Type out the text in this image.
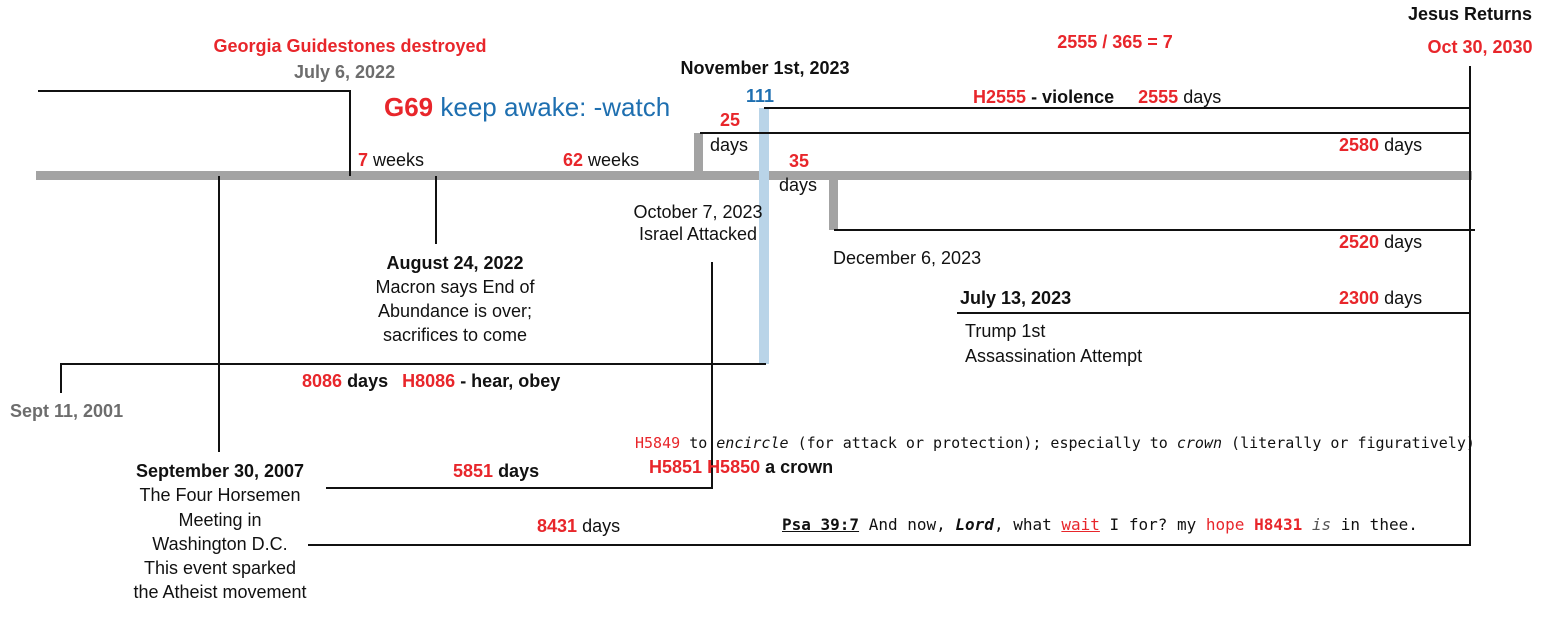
Georgia Guidestones destroyed
July 6, 2022	November 1st, 2023
111
2555 / 365 = 7
Jesus Returns
Oct 30, 2030
G69 keep awake: -watch
7 weeks	62 weeks
25
days
35
days
H2555 - violence 2555 days
2580 days
2520 days
2300 days
October 7, 2023
Israel Attacked
August 24, 2022
Macron says End of
Abundance is over;
sacrifices to come
December 6, 2023
July 13, 2023
Trump 1st
Assassination Attempt
8086 days H8086 - hear, obey
Sept 11, 2001
H5849 to encircle (for attack or protection); especially to crown (literally or figuratively)
H5851 H5850 a crown
5851 days
September 30, 2007
The Four Horsemen
Meeting in
Washington D.C.
This event sparked
the Atheist movement
8431 days	Psa 39:7 And now, Lord, what wait I for? my hope H8431 is in thee.
